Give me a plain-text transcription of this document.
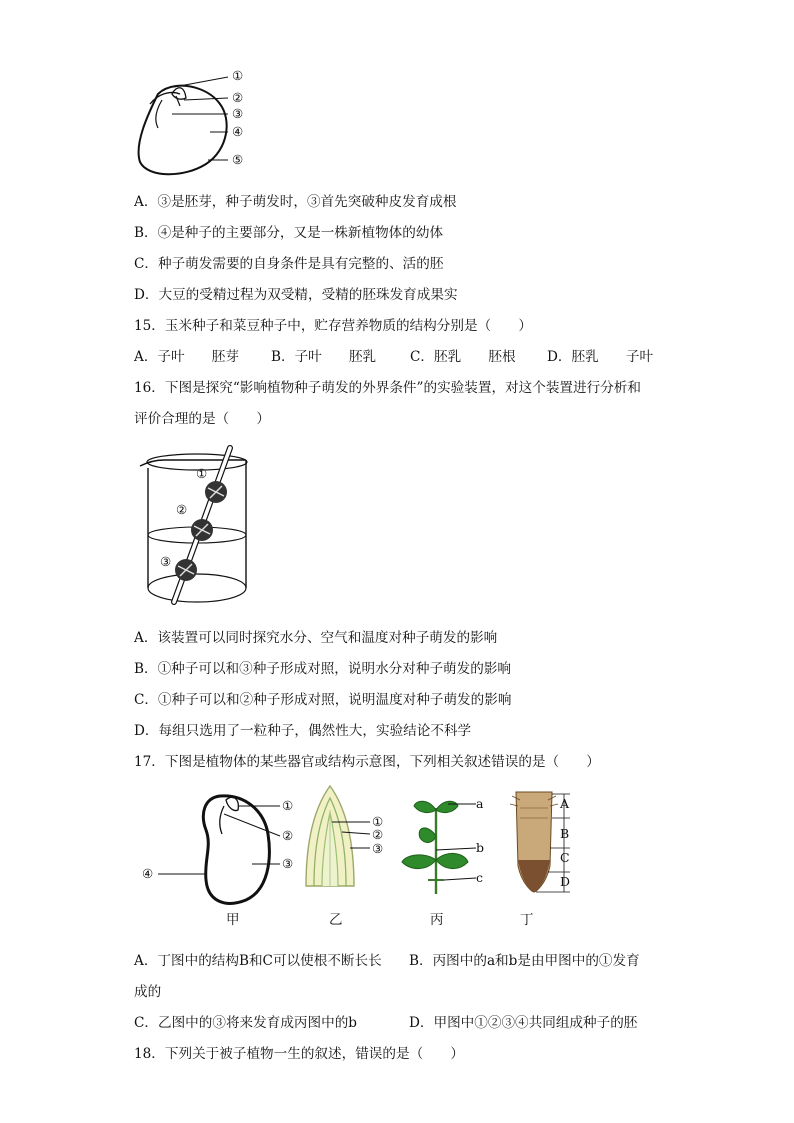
①
②
③
④
⑤
A．③是胚芽，种子萌发时，③首先突破种皮发育成根
B．④是种子的主要部分，又是一株新植物体的幼体
C．种子萌发需要的自身条件是具有完整的、活的胚
D．大豆的受精过程为双受精，受精的胚珠发育成果实
15．玉米种子和菜豆种子中，贮存营养物质的结构分别是（　　）
A．子叶　　胚芽 B．子叶　　胚乳 C．胚乳　　胚根 D．胚乳　　子叶
16．下图是探究“影响植物种子萌发的外界条件”的实验装置，对这个装置进行分析和
评价合理的是（　　）
①
②
③
A．该装置可以同时探究水分、空气和温度对种子萌发的影响
B．①种子可以和③种子形成对照，说明水分对种子萌发的影响
C．①种子可以和②种子形成对照，说明温度对种子萌发的影响
D．每组只选用了一粒种子，偶然性大，实验结论不科学
17．下图是植物体的某些器官或结构示意图，下列相关叙述错误的是（　　）
①
②
③
④
①
②
③
a
b
c
A
B
C
D
甲	乙	丙	丁
A．丁图中的结构B和C可以使根不断长长 B．丙图中的a和b是由甲图中的①发育
成的
C．乙图中的③将来发育成丙图中的b	D．甲图中①②③④共同组成种子的胚
18．下列关于被子植物一生的叙述，错误的是（　　）
